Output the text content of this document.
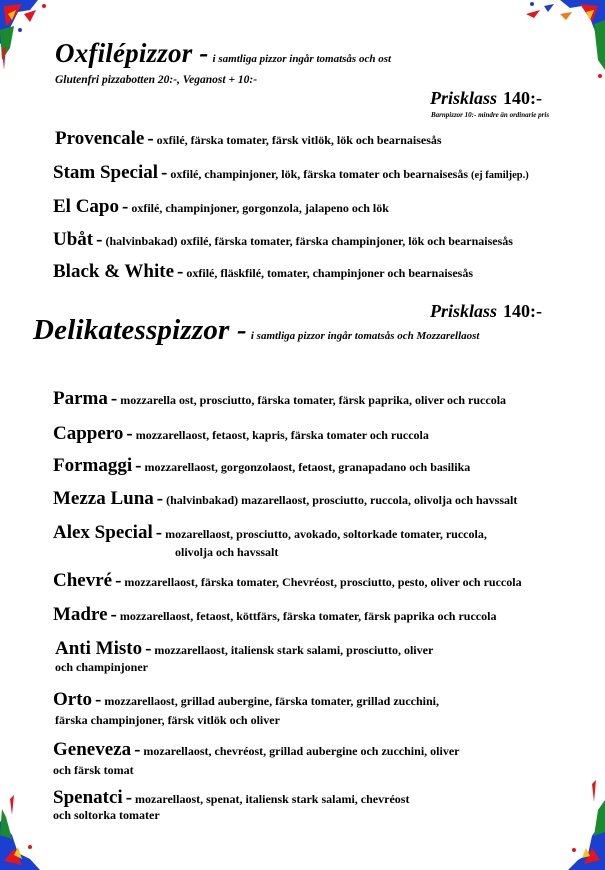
Oxfilépizzor - i samtliga pizzor ingår tomatsås och ost
Glutenfri pizzabotten 20:-, Veganost + 10:-
Prisklass 140:-
Barnpizzor 10:- mindre än ordinarie pris
Provencale - oxfilé, färska tomater, färsk vitlök, lök och bearnaisesås
Stam Special - oxfilé, champinjoner, lök, färska tomater och bearnaisesås (ej familjep.)
El Capo - oxfilé, champinjoner, gorgonzola, jalapeno och lök
Ubåt - (halvinbakad) oxfilé, färska tomater, färska champinjoner, lök och bearnaisesås
Black & White - oxfilé, fläskfilé, tomater, champinjoner och bearnaisesås
Prisklass 140:-
Delikatesspizzor - i samtliga pizzor ingår tomatsås och Mozzarellaost
Parma - mozzarella ost, prosciutto, färska tomater, färsk paprika, oliver och ruccola
Cappero - mozzarellaost, fetaost, kapris, färska tomater och ruccola
Formaggi - mozzarellaost, gorgonzolaost, fetaost, granapadano och basilika
Mezza Luna - (halvinbakad) mazarellaost, prosciutto, ruccola, olivolja och havssalt
Alex Special - mozarellaost, prosciutto, avokado, soltorkade tomater, ruccola,
olivolja och havssalt
Chevré - mozzarellaost, färska tomater, Chevréost, prosciutto, pesto, oliver och ruccola
Madre - mozzarellaost, fetaost, köttfärs, färska tomater, färsk paprika och ruccola
Anti Misto - mozzarellaost, italiensk stark salami, prosciutto, oliver
och champinjoner
Orto - mozzarellaost, grillad aubergine, färska tomater, grillad zucchini,
färska champinjoner, färsk vitlök och oliver
Geneveza - mozarellaost, chevréost, grillad aubergine och zucchini, oliver
och färsk tomat
Spenatci - mozarellaost, spenat, italiensk stark salami, chevréost
och soltorka tomater
